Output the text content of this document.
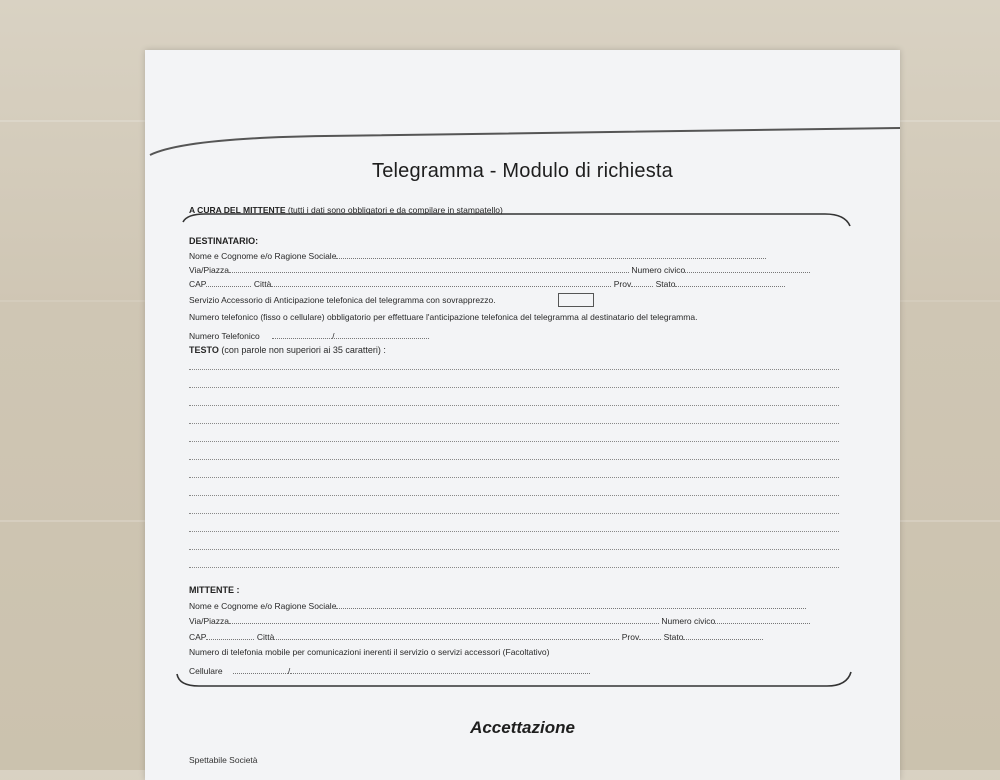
Telegramma - Modulo di richiesta
A CURA DEL MITTENTE (tutti i dati sono obbligatori e da compilare in stampatello)
DESTINATARIO:
Nome e Cognome e/o Ragione Sociale
Via/Piazza	Numero civico
CAP	Città	Prov	Stato
Servizio Accessorio di Anticipazione telefonica del telegramma con sovrapprezzo.
Numero telefonico (fisso o cellulare) obbligatorio per effettuare l'anticipazione telefonica del telegramma al destinatario del telegramma.
Numero Telefonico	/
TESTO (con parole non superiori ai 35 caratteri) :
MITTENTE :
Nome e Cognome e/o Ragione Sociale
Via/Piazza	Numero civico
CAP	Città	Prov	Stato
Numero di telefonia mobile per comunicazioni inerenti il servizio o servizi accessori (Facoltativo)
Cellulare	/
Accettazione
Spettabile Società
